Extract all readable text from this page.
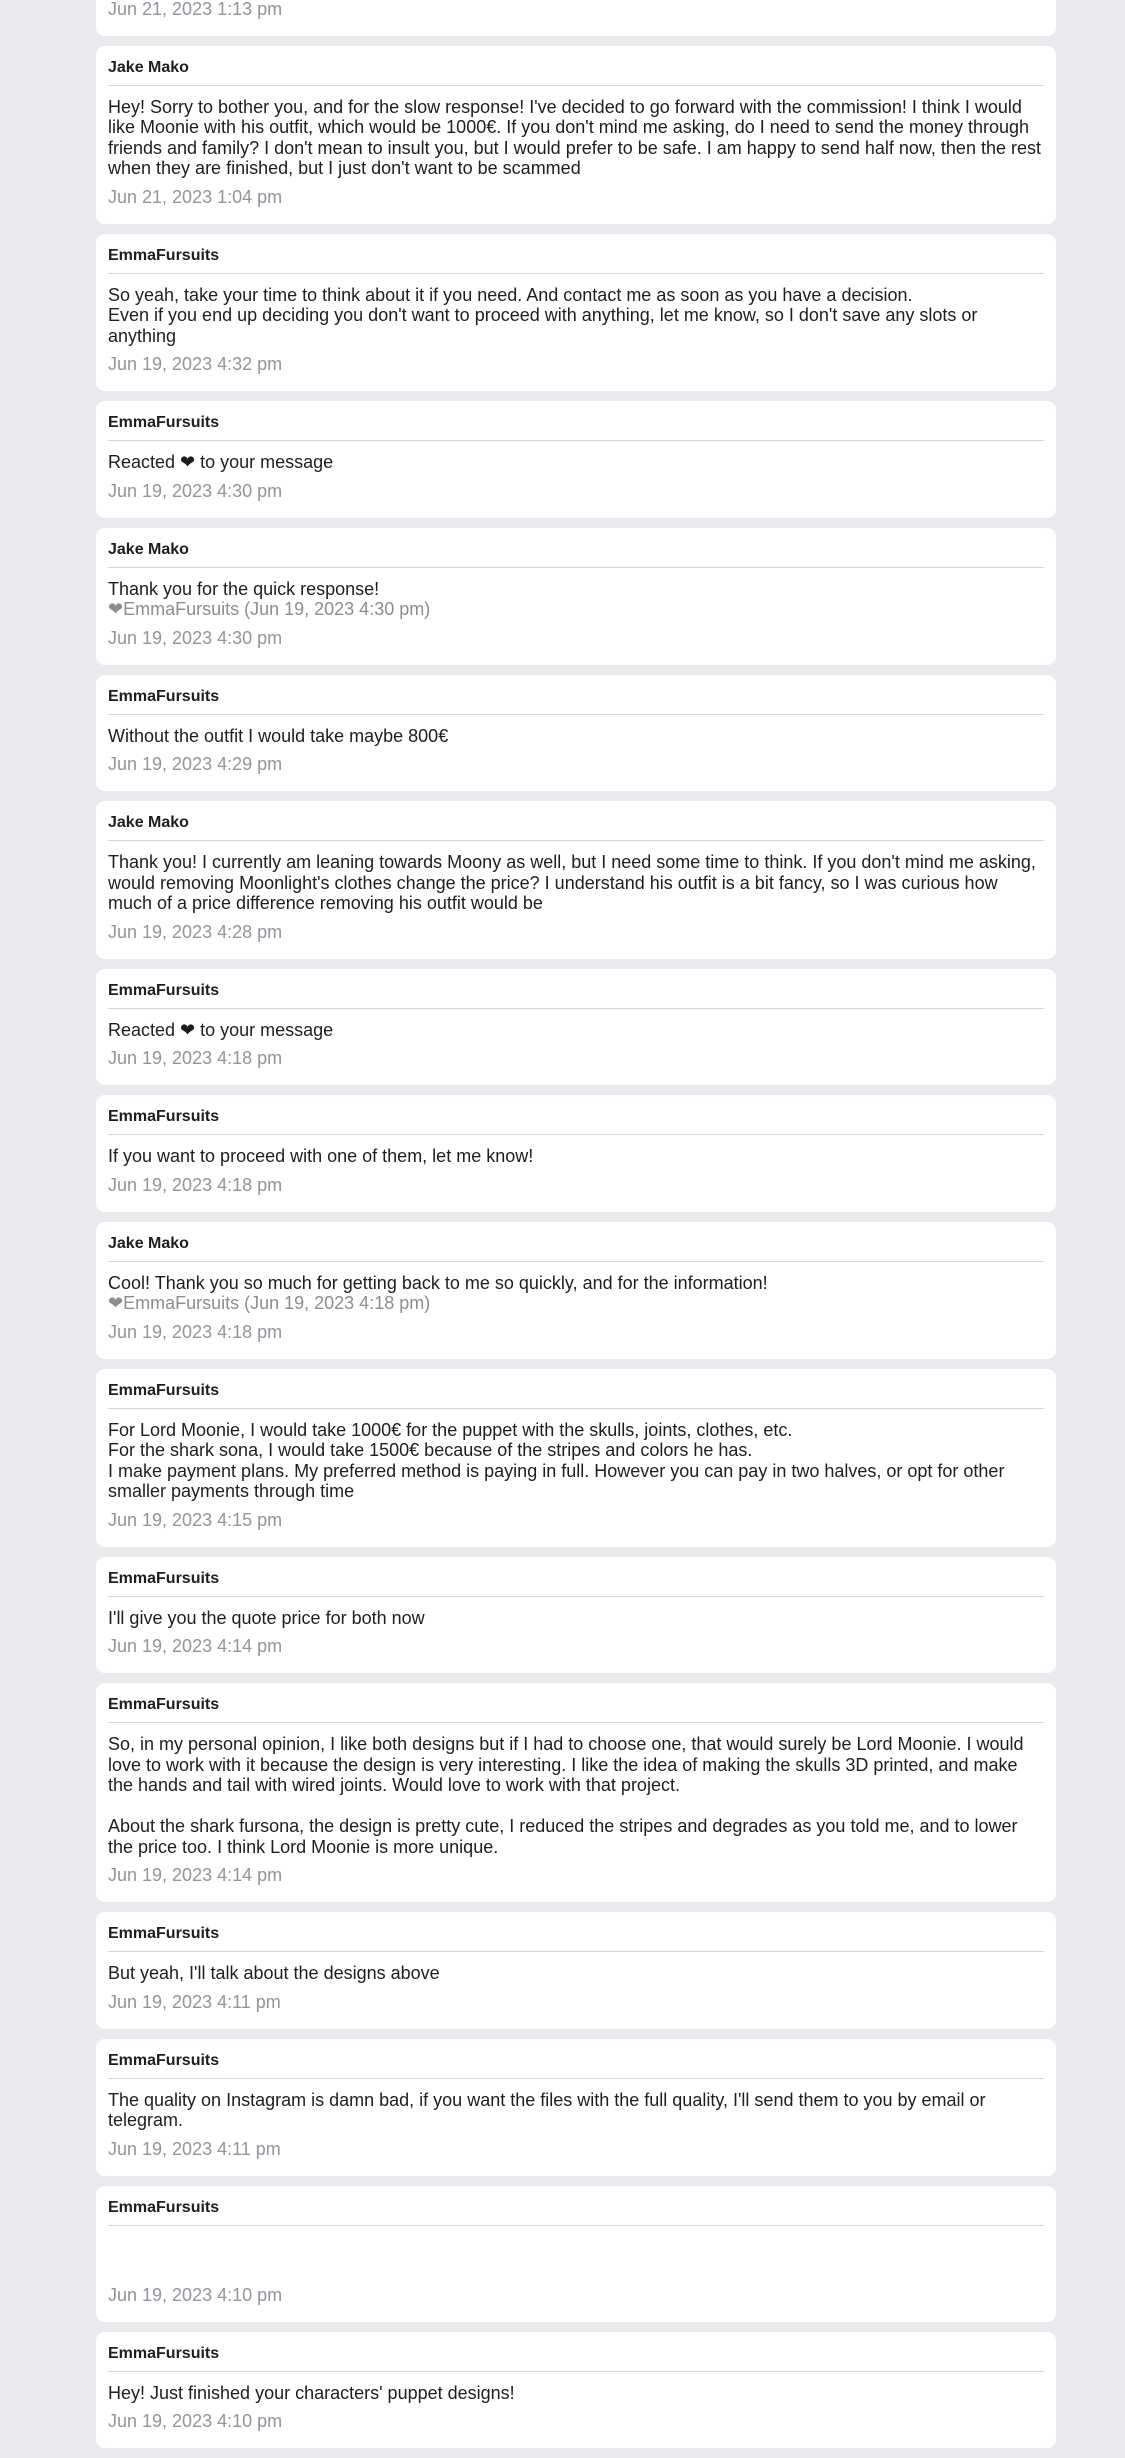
Jun 21, 2023 1:13 pm
Jake Mako
Hey! Sorry to bother you, and for the slow response! I've decided to go forward with the commission! I think I would like Moonie with his outfit, which would be 1000€. If you don't mind me asking, do I need to send the money through friends and family? I don't mean to insult you, but I would prefer to be safe. I am happy to send half now, then the rest when they are finished, but I just don't want to be scammed
Jun 21, 2023 1:04 pm
EmmaFursuits
So yeah, take your time to think about it if you need. And contact me as soon as you have a decision.
Even if you end up deciding you don't want to proceed with anything, let me know, so I don't save any slots or anything
Jun 19, 2023 4:32 pm
EmmaFursuits
Reacted ❤ to your message
Jun 19, 2023 4:30 pm
Jake Mako
Thank you for the quick response!
❤EmmaFursuits (Jun 19, 2023 4:30 pm)
Jun 19, 2023 4:30 pm
EmmaFursuits
Without the outfit I would take maybe 800€
Jun 19, 2023 4:29 pm
Jake Mako
Thank you! I currently am leaning towards Moony as well, but I need some time to think. If you don't mind me asking, would removing Moonlight's clothes change the price? I understand his outfit is a bit fancy, so I was curious how much of a price difference removing his outfit would be
Jun 19, 2023 4:28 pm
EmmaFursuits
Reacted ❤ to your message
Jun 19, 2023 4:18 pm
EmmaFursuits
If you want to proceed with one of them, let me know!
Jun 19, 2023 4:18 pm
Jake Mako
Cool! Thank you so much for getting back to me so quickly, and for the information!
❤EmmaFursuits (Jun 19, 2023 4:18 pm)
Jun 19, 2023 4:18 pm
EmmaFursuits
For Lord Moonie, I would take 1000€ for the puppet with the skulls, joints, clothes, etc.
For the shark sona, I would take 1500€ because of the stripes and colors he has.
I make payment plans. My preferred method is paying in full. However you can pay in two halves, or opt for other smaller payments through time
Jun 19, 2023 4:15 pm
EmmaFursuits
I'll give you the quote price for both now
Jun 19, 2023 4:14 pm
EmmaFursuits
So, in my personal opinion, I like both designs but if I had to choose one, that would surely be Lord Moonie. I would love to work with it because the design is very interesting. I like the idea of making the skulls 3D printed, and make the hands and tail with wired joints. Would love to work with that project.

About the shark fursona, the design is pretty cute, I reduced the stripes and degrades as you told me, and to lower the price too. I think Lord Moonie is more unique.
Jun 19, 2023 4:14 pm
EmmaFursuits
But yeah, I'll talk about the designs above
Jun 19, 2023 4:11 pm
EmmaFursuits
The quality on Instagram is damn bad, if you want the files with the full quality, I'll send them to you by email or telegram.
Jun 19, 2023 4:11 pm
EmmaFursuits
Jun 19, 2023 4:10 pm
EmmaFursuits
Hey! Just finished your characters' puppet designs!
Jun 19, 2023 4:10 pm
